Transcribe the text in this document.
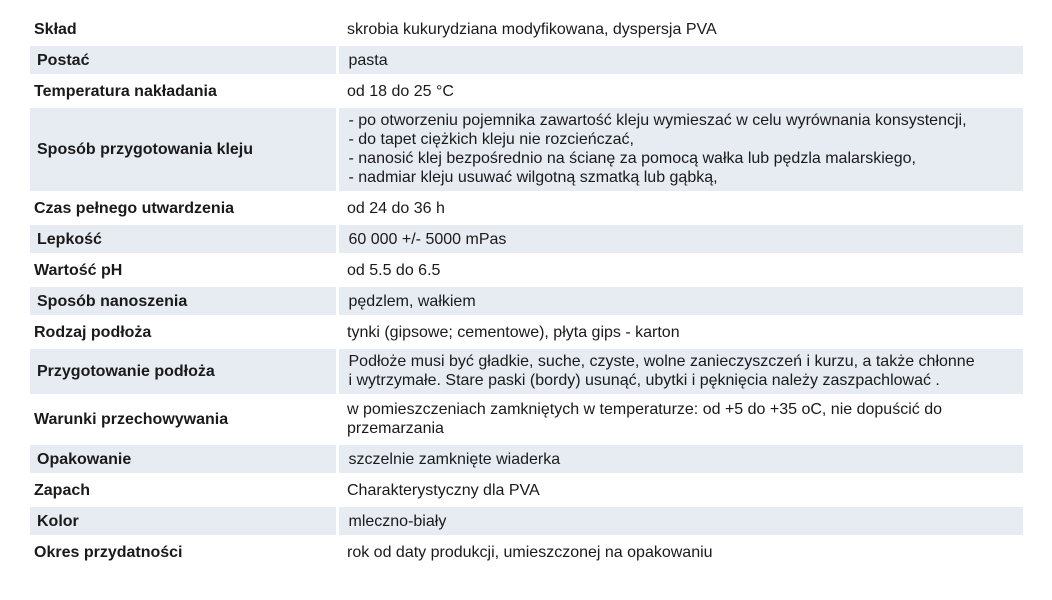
Skład	skrobia kukurydziana modyfikowana, dyspersja PVA
Postać	pasta
Temperatura nakładania	od 18 do 25 °C
Sposób przygotowania kleju	- po otworzeniu pojemnika zawartość kleju wymieszać w celu wyrównania konsystencji,
- do tapet ciężkich kleju nie rozcieńczać,
- nanosić klej bezpośrednio na ścianę za pomocą wałka lub pędzla malarskiego,
- nadmiar kleju usuwać wilgotną szmatką lub gąbką,
Czas pełnego utwardzenia	od 24 do 36 h
Lepkość	60 000 +/- 5000 mPas
Wartość pH	od 5.5 do 6.5
Sposób nanoszenia	pędzlem, wałkiem
Rodzaj podłoża	tynki (gipsowe; cementowe), płyta gips - karton
Przygotowanie podłoża	Podłoże musi być gładkie, suche, czyste, wolne zanieczyszczeń i kurzu, a także chłonne
i wytrzymałe. Stare paski (bordy) usunąć, ubytki i pęknięcia należy zaszpachlować .
Warunki przechowywania	w pomieszczeniach zamkniętych w temperaturze: od +5 do +35 oC, nie dopuścić do
przemarzania
Opakowanie	szczelnie zamknięte wiaderka
Zapach	Charakterystyczny dla PVA
Kolor	mleczno-biały
Okres przydatności	rok od daty produkcji, umieszczonej na opakowaniu
